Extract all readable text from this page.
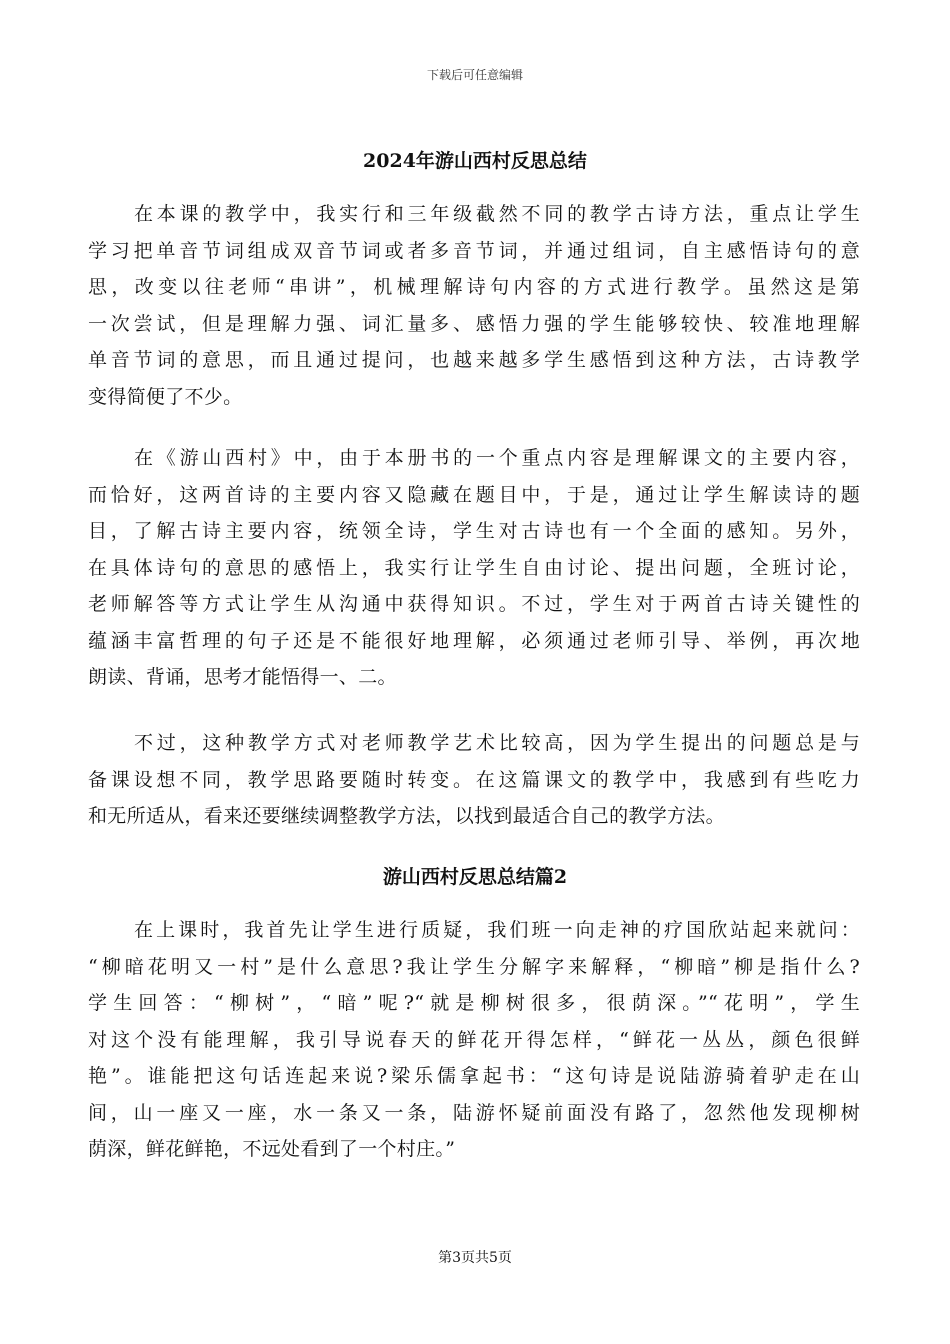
下载后可任意编辑
2024年游山西村反思总结
在本课的教学中，我实行和三年级截然不同的教学古诗方法，重点让学生
学习把单音节词组成双音节词或者多音节词，并通过组词，自主感悟诗句的意
思，改变以往老师“串讲”，机械理解诗句内容的方式进行教学。虽然这是第
一次尝试，但是理解力强、词汇量多、感悟力强的学生能够较快、较准地理解
单音节词的意思，而且通过提问，也越来越多学生感悟到这种方法，古诗教学
变得简便了不少。
在《游山西村》中，由于本册书的一个重点内容是理解课文的主要内容，
而恰好，这两首诗的主要内容又隐藏在题目中，于是，通过让学生解读诗的题
目，了解古诗主要内容，统领全诗，学生对古诗也有一个全面的感知。另外，
在具体诗句的意思的感悟上，我实行让学生自由讨论、提出问题，全班讨论，
老师解答等方式让学生从沟通中获得知识。不过，学生对于两首古诗关键性的
蕴涵丰富哲理的句子还是不能很好地理解，必须通过老师引导、举例，再次地
朗读、背诵，思考才能悟得一、二。
不过，这种教学方式对老师教学艺术比较高，因为学生提出的问题总是与
备课设想不同，教学思路要随时转变。在这篇课文的教学中，我感到有些吃力
和无所适从，看来还要继续调整教学方法，以找到最适合自己的教学方法。
游山西村反思总结篇2
在上课时，我首先让学生进行质疑，我们班一向走神的疗国欣站起来就问：
“柳暗花明又一村”是什么意思?我让学生分解字来解释，“柳暗”柳是指什么?
学生回答：“柳树”，“暗”呢?“就是柳树很多，很荫深。”“花明”，学生
对这个没有能理解，我引导说春天的鲜花开得怎样，“鲜花一丛丛，颜色很鲜
艳”。谁能把这句话连起来说?梁乐儒拿起书：“这句诗是说陆游骑着驴走在山
间，山一座又一座，水一条又一条，陆游怀疑前面没有路了，忽然他发现柳树
荫深，鲜花鲜艳，不远处看到了一个村庄。”
第3页共5页
